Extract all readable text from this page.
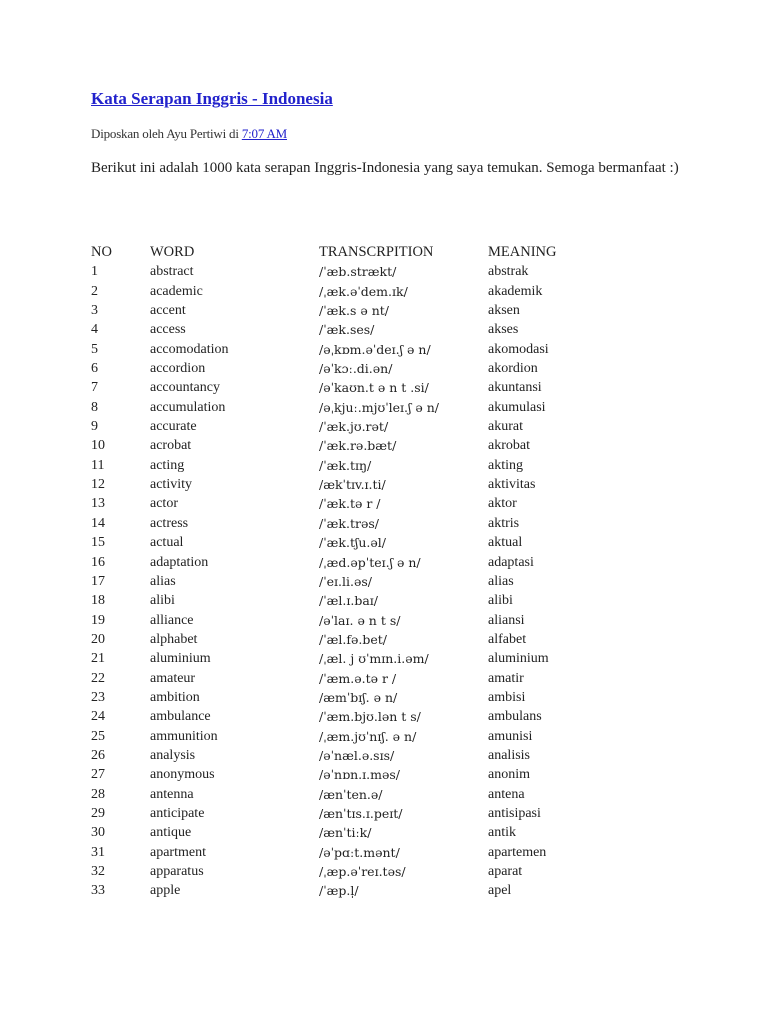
Kata Serapan Inggris - Indonesia
Diposkan oleh Ayu Pertiwi di 7:07 AM
Berikut ini adalah 1000 kata serapan Inggris-Indonesia yang saya temukan. Semoga bermanfaat :)
NO	WORD	TRANSCRPITION	MEANING
1	abstract	/ˈæb.strækt/	abstrak
2	academic	/ˌæk.əˈdem.ɪk/	akademik
3	accent	/ˈæk.s ə nt/	aksen
4	access	/ˈæk.ses/	akses
5	accomodation	/əˌkɒm.əˈdeɪ.ʃ ə n/	akomodasi
6	accordion	/əˈkɔː.di.ən/	akordion
7	accountancy	/əˈkaʊn.t ə n t .si/	akuntansi
8	accumulation	/əˌkjuː.mjʊˈleɪ.ʃ ə n/	akumulasi
9	accurate	/ˈæk.jʊ.rət/	akurat
10	acrobat	/ˈæk.rə.bæt/	akrobat
11	acting	/ˈæk.tɪŋ/	akting
12	activity	/ækˈtɪv.ɪ.ti/	aktivitas
13	actor	/ˈæk.tə r /	aktor
14	actress	/ˈæk.trəs/	aktris
15	actual	/ˈæk.tʃu.əl/	aktual
16	adaptation	/ˌæd.əpˈteɪ.ʃ ə n/	adaptasi
17	alias	/ˈeɪ.li.əs/	alias
18	alibi	/ˈæl.ɪ.baɪ/	alibi
19	alliance	/əˈlaɪ. ə n t s/	aliansi
20	alphabet	/ˈæl.fə.bet/	alfabet
21	aluminium	/ˌæl. j ʊˈmɪn.i.əm/	aluminium
22	amateur	/ˈæm.ə.tə r /	amatir
23	ambition	/æmˈbɪʃ. ə n/	ambisi
24	ambulance	/ˈæm.bjʊ.lən t s/	ambulans
25	ammunition	/ˌæm.jʊˈnɪʃ. ə n/	amunisi
26	analysis	/əˈnæl.ə.sɪs/	analisis
27	anonymous	/əˈnɒn.ɪ.məs/	anonim
28	antenna	/ænˈten.ə/	antena
29	anticipate	/ænˈtɪs.ɪ.peɪt/	antisipasi
30	antique	/ænˈtiːk/	antik
31	apartment	/əˈpɑːt.mənt/	apartemen
32	apparatus	/ˌæp.əˈreɪ.təs/	aparat
33	apple	/ˈæp.l̩/	apel
